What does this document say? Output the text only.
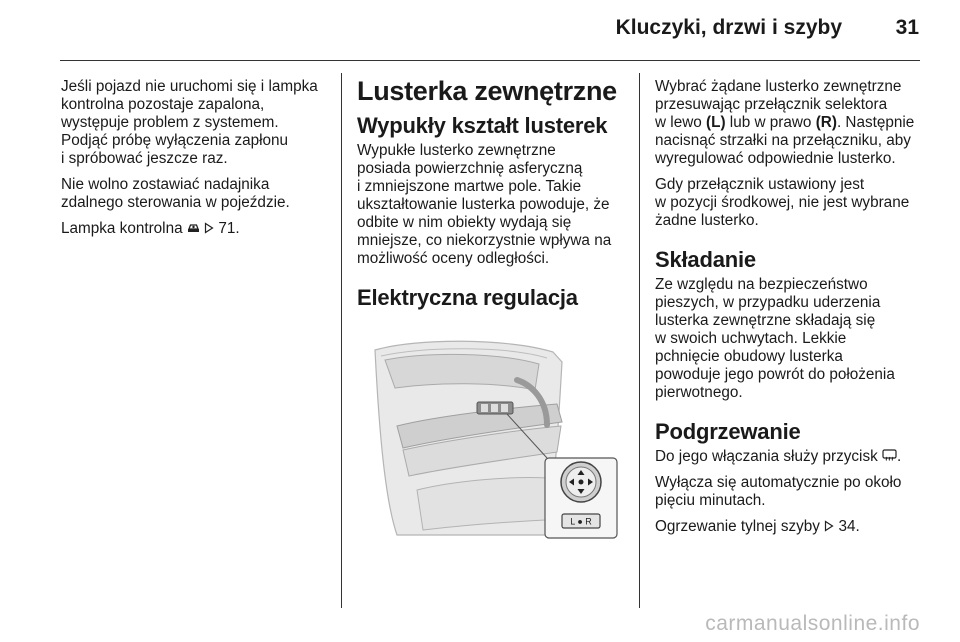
Kluczyki, drzwi i szyby	31

Jeśli pojazd nie uruchomi się i lampka
kontrolna pozostaje zapalona,
występuje problem z systemem.
Podjąć próbę wyłączenia zapłonu
i spróbować jeszcze raz.

Nie wolno zostawiać nadajnika
zdalnego sterowania w pojeździe.

Lampka kontrolna 71.

Lusterka zewnętrzne
Wypukły kształt lusterek

Wypukłe lusterko zewnętrzne
posiada powierzchnię asferyczną
i zmniejszone martwe pole. Takie
ukształtowanie lusterka powoduje, że
odbite w nim obiekty wydają się
mniejsze, co niekorzystnie wpływa na
możliwość oceny odległości.

Elektryczna regulacja
L ● R

Wybrać żądane lusterko zewnętrzne
przesuwając przełącznik selektora
w lewo (L) lub w prawo (R). Następnie
nacisnąć strzałki na przełączniku, aby
wyregulować odpowiednie lusterko.

Gdy przełącznik ustawiony jest
w pozycji środkowej, nie jest wybrane
żadne lusterko.

Składanie

Ze względu na bezpieczeństwo
pieszych, w przypadku uderzenia
lusterka zewnętrzne składają się
w swoich uchwytach. Lekkie
pchnięcie obudowy lusterka
powoduje jego powrót do położenia
pierwotnego.

Podgrzewanie

Do jego włączania służy przycisk .

Wyłącza się automatycznie po około
pięciu minutach.

Ogrzewanie tylnej szyby 34.

carmanualsonline.info
